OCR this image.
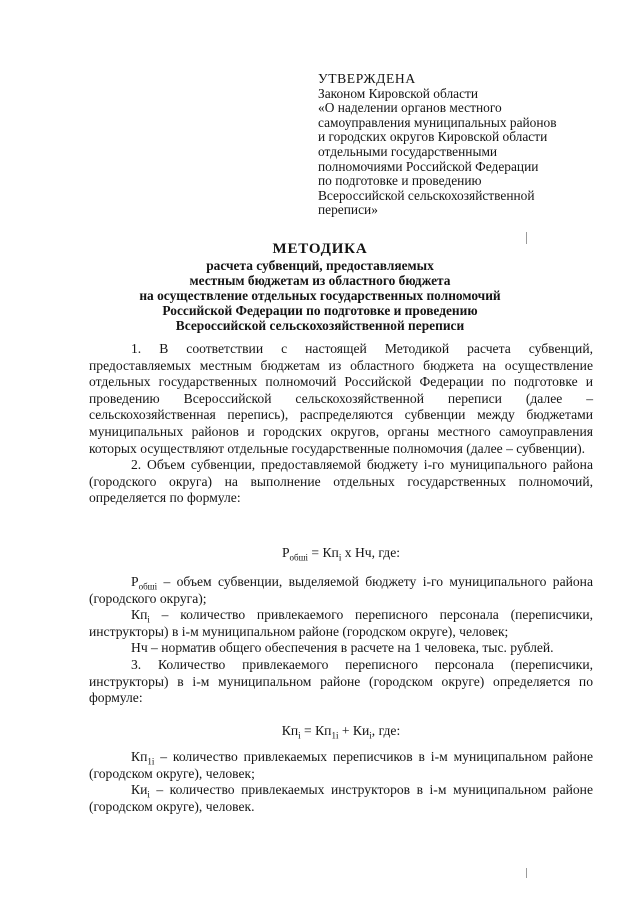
УТВЕРЖДЕНА
Законом Кировской области
«О наделении органов местного
самоуправления муниципальных районов
и городских округов Кировской области
отдельными государственными
полномочиями Российской Федерации
по подготовке и проведению
Всероссийской сельскохозяйственной
переписи»
МЕТОДИКА
расчета субвенций, предоставляемых
местным бюджетам из областного бюджета
на осуществление отдельных государственных полномочий
Российской Федерации по подготовке и проведению
Всероссийской сельскохозяйственной переписи

1. В соответствии с настоящей Методикой расчета субвенций, предоставляемых местным бюджетам из областного бюджета на осуществление отдельных государственных полномочий Российской Федерации по подготовке и проведению Всероссийской сельскохозяйственной переписи (далее – сельскохозяйственная перепись), распределяются субвенции между бюджетами муниципальных районов и городских округов, органы местного самоуправления которых осуществляют отдельные государственные полномочия (далее – субвенции).

2. Объем субвенции, предоставляемой бюджету i-го муниципального района (городского округа) на выполнение отдельных государственных полномочий, определяется по формуле:

$Р_{обшi} = Кп_i$ х Нч, где:

$Р_{обшi}$ – объем субвенции, выделяемой бюджету i-го муниципального района (городского округа);

$Кп_i$ – количество привлекаемого переписного персонала (переписчики, инструкторы) в i-м муниципальном районе (городском округе), человек;

Нч – норматив общего обеспечения в расчете на 1 человека, тыс. рублей.

3. Количество привлекаемого переписного персонала (переписчики, инструкторы) в i-м муниципальном районе (городском округе) определяется по формуле:

$Кп_i = Кп_{1i} + Ки_i$, где:

$Кп_{1i}$ – количество привлекаемых переписчиков в i-м муниципальном районе (городском округе), человек;

$Ки_i$ – количество привлекаемых инструкторов в i-м муниципальном районе (городском округе), человек.
